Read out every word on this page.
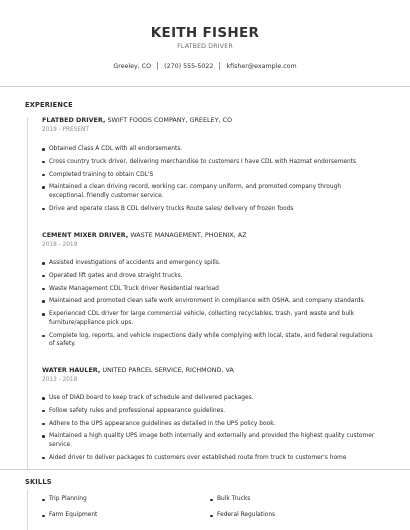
KEITH FISHER
FLATBED DRIVER
Greeley, CO (270) 555-5022 kfisher@example.com
EXPERIENCE
FLATBED DRIVER, SWIFT FOODS COMPANY, GREELEY, CO
2019 - PRESENT
Obtained Class A CDL with all endorsements.
Cross country truck driver, delivering merchandise to customers I have CDL with Hazmat endorsements
Completed training to obtain CDL'S
Maintained a clean driving record, working car, company uniform, and promoted company through exceptional, friendly customer service.
Drive and operate class B CDL delivery trucks Route sales/ delivery of frozen foods
CEMENT MIXER DRIVER, WASTE MANAGEMENT, PHOENIX, AZ
2018 - 2019
Assisted investigations of accidents and emergency spills.
Operated lift gates and drove straight trucks.
Waste Management CDL Truck driver Residential rearload
Maintained and promoted clean safe work environment in compliance with OSHA, and company standards.
Experienced CDL driver for large commercial vehicle, collecting recyclables, trash, yard waste and bulk furniture/appliance pick ups.
Complete log, reports, and vehicle inspections daily while complying with local, state, and federal regulations of safety.
WATER HAULER, UNITED PARCEL SERVICE, RICHMOND, VA
2013 - 2018
Use of DIAD board to keep track of schedule and delivered packages.
Follow safety rules and professional appearance guidelines.
Adhere to the UPS appearance guidelines as detailed in the UPS policy book.
Maintained a high quality UPS image both internally and externally and provided the highest quality customer service.
Aided driver to deliver packages to customers over established route from truck to customer's home
SKILLS
Trip Planning	Bulk Trucks
Farm Equipment	Federal Regulations
